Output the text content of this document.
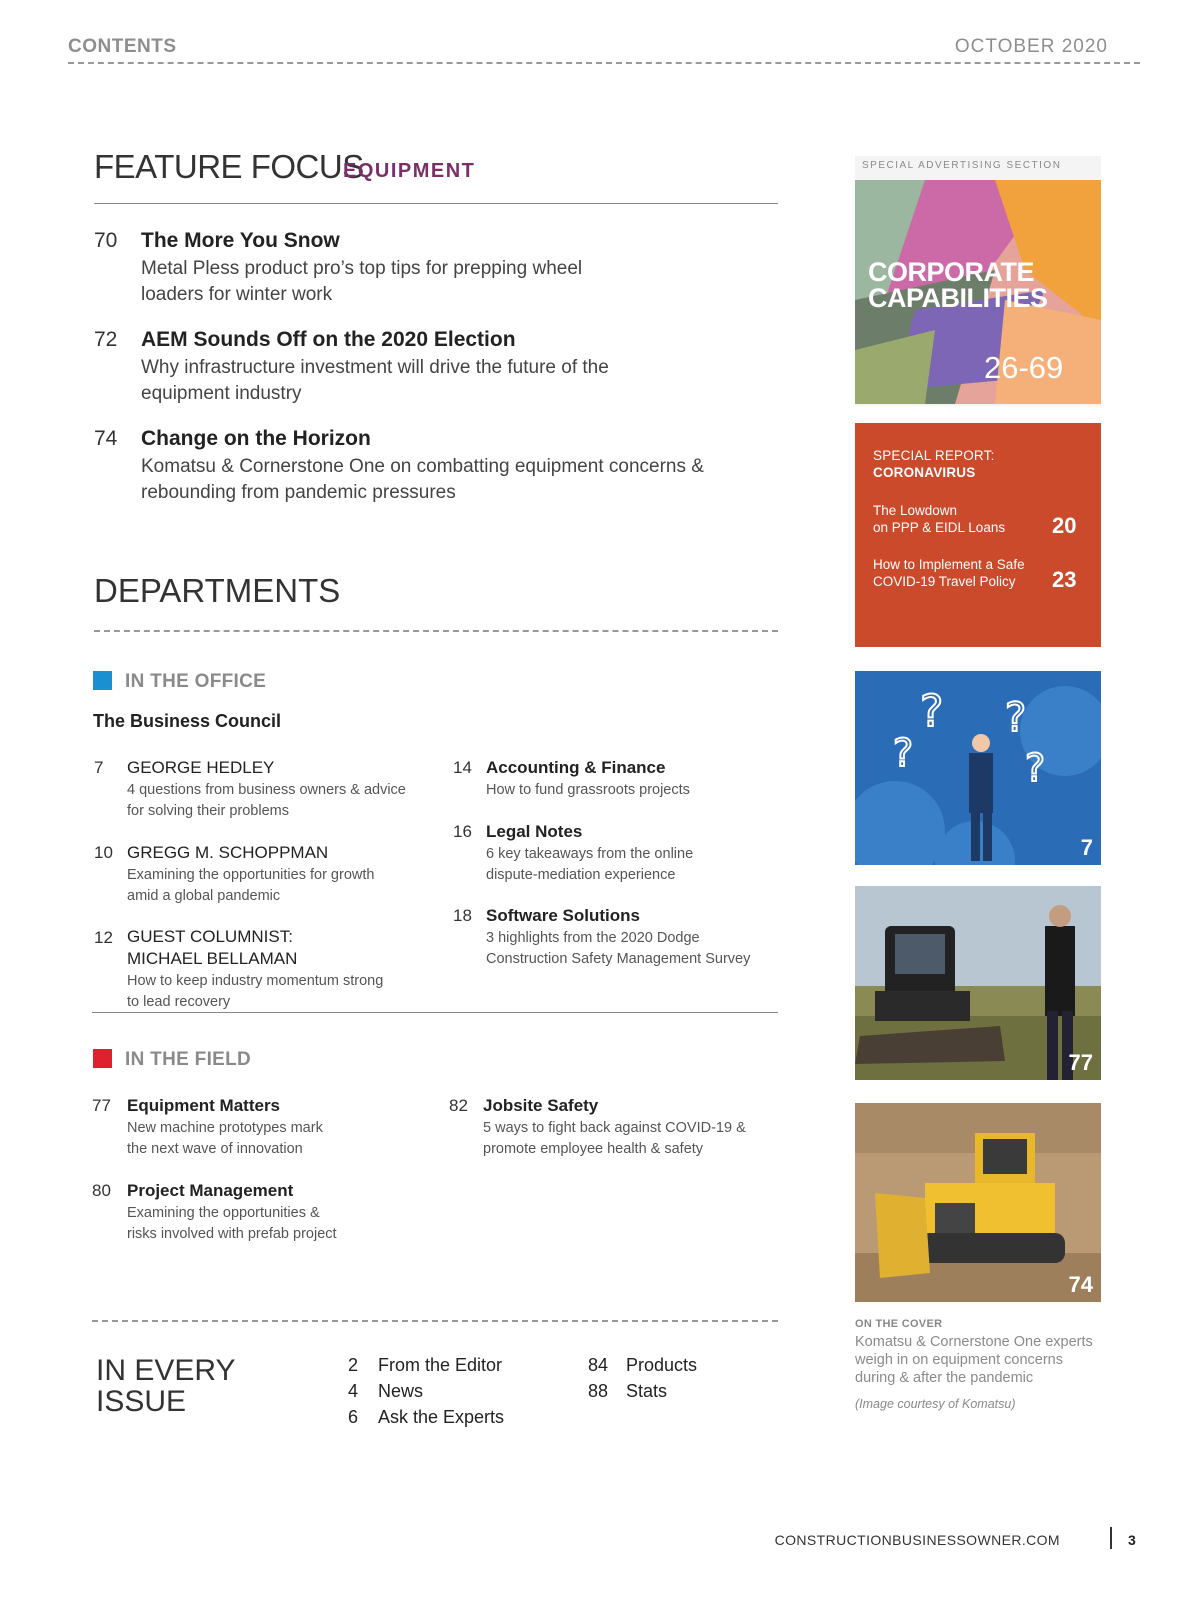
CONTENTS	OCTOBER 2020
FEATURE FOCUS
EQUIPMENT
70 The More You Snow
Metal Pless product pro’s top tips for prepping wheel
loaders for winter work
72 AEM Sounds Off on the 2020 Election
Why infrastructure investment will drive the future of the
equipment industry
74 Change on the Horizon
Komatsu & Cornerstone One on combatting equipment concerns &
rebounding from pandemic pressures
DEPARTMENTS
IN THE OFFICE
The Business Council
7 GEORGE HEDLEY
4 questions from business owners & advice
for solving their problems
10 GREGG M. SCHOPPMAN
Examining the opportunities for growth
amid a global pandemic
12 GUEST COLUMNIST:
MICHAEL BELLAMAN
How to keep industry momentum strong
to lead recovery
14 Accounting & Finance
How to fund grassroots projects
16 Legal Notes
6 key takeaways from the online
dispute-mediation experience
18 Software Solutions
3 highlights from the 2020 Dodge
Construction Safety Management Survey
IN THE FIELD
77 Equipment Matters
New machine prototypes mark
the next wave of innovation
80 Project Management
Examining the opportunities &
risks involved with prefab project
82 Jobsite Safety
5 ways to fight back against COVID-19 &
promote employee health & safety
IN EVERY
ISSUE
2 From the Editor
4 News
6 Ask the Experts
84 Products
88 Stats
SPECIAL ADVERTISING SECTION
CORPORATE
CAPABILITIES
26-69
SPECIAL REPORT:
CORONAVIRUS
The Lowdown
on PPP & EIDL Loans 20
How to Implement a Safe
COVID-19 Travel Policy	23
?
?
?
?
7
77
74
ON THE COVER
Komatsu & Cornerstone One experts
weigh in on equipment concerns
during & after the pandemic
(Image courtesy of Komatsu)
CONSTRUCTIONBUSINESSOWNER.COM	3
